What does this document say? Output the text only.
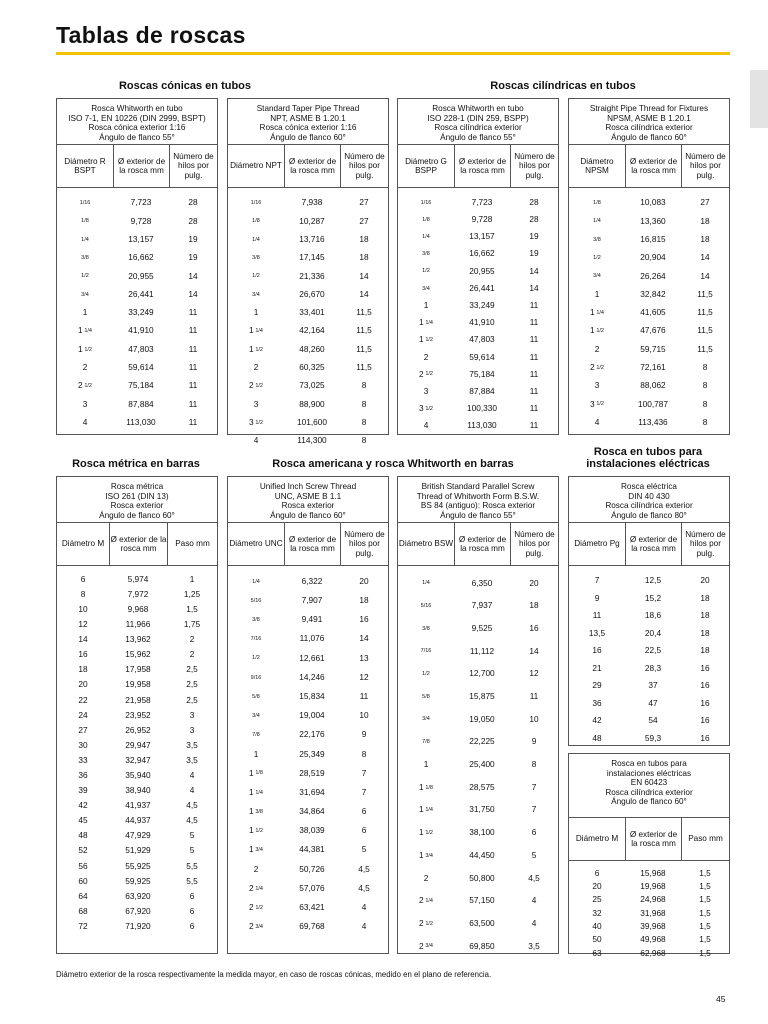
Tablas de roscas
Roscas cónicas en tubos	Roscas cilíndricas en tubos
Rosca métrica en barras	Rosca americana y rosca Whitworth en barras
Rosca en tubos para instalaciones eléctricas
Rosca Whitworth en tubo
ISO 7-1, EN 10226 (DIN 2999, BSPT)
Rosca cónica exterior 1:16
Ángulo de flanco 55°
Diámetro R BSPT
Ø exterior de la rosca mm
Número de hilos por pulg.
1/16	7,723	28
1/8	9,728	28
1/4	13,157	19
3/8	16,662	19
1/2	20,955	14
3/4	26,441	14
1	33,249	11
1  1/4	41,910	11
1  1/2	47,803	11
2	59,614	11
2  1/2	75,184	11
3	87,884	11
4	113,030	11
Standard Taper Pipe Thread
NPT, ASME B 1.20.1
Rosca cónica exterior 1:16
Ángulo de flanco 60°
Diámetro NPT
Ø exterior de la rosca mm
Número de hilos por pulg.
1/16	7,938	27
1/8	10,287	27
1/4	13,716	18
3/8	17,145	18
1/2	21,336	14
3/4	26,670	14
1	33,401	11,5
1  1/4	42,164	11,5
1  1/2	48,260	11,5
2	60,325	11,5
2  1/2	73,025	8
3	88,900	8
3  1/2	101,600	8
4	114,300	8
Rosca Whitworth en tubo
ISO 228-1 (DIN 259, BSPP)
Rosca cilíndrica exterior
Ángulo de flanco 55°
Diámetro G BSPP
Ø exterior de la rosca mm
Número de hilos por pulg.
1/16	7,723	28
1/8	9,728	28
1/4	13,157	19
3/8	16,662	19
1/2	20,955	14
3/4	26,441	14
1	33,249	11
1  1/4	41,910	11
1  1/2	47,803	11
2	59,614	11
2  1/2	75,184	11
3	87,884	11
3  1/2	100,330	11
4	113,030	11
Straight Pipe Thread for Fixtures
NPSM, ASME B 1.20.1
Rosca cilíndrica exterior
Ángulo de flanco 60°
Diámetro NPSM
Ø exterior de la rosca mm
Número de hilos por pulg.
1/8	10,083	27
1/4	13,360	18
3/8	16,815	18
1/2	20,904	14
3/4	26,264	14
1	32,842	11,5
1  1/4	41,605	11,5
1  1/2	47,676	11,5
2	59,715	11,5
2  1/2	72,161	8
3	88,062	8
3  1/2	100,787	8
4	113,436	8
Rosca métrica
ISO 261 (DIN 13)
Rosca exterior
Ángulo de flanco 60°
Diámetro M
Ø exterior de la rosca mm
Paso mm
6	5,974	1
8	7,972	1,25
10	9,968	1,5
12	11,966	1,75
14	13,962	2
16	15,962	2
18	17,958	2,5
20	19,958	2,5
22	21,958	2,5
24	23,952	3
27	26,952	3
30	29,947	3,5
33	32,947	3,5
36	35,940	4
39	38,940	4
42	41,937	4,5
45	44,937	4,5
48	47,929	5
52	51,929	5
56	55,925	5,5
60	59,925	5,5
64	63,920	6
68	67,920	6
72	71,920	6
Unified Inch Screw Thread
UNC, ASME B 1.1
Rosca exterior
Ángulo de flanco 60°
Diámetro UNC
Ø exterior de la rosca mm
Número de hilos por pulg.
1/4	6,322	20
5/16	7,907	18
3/8	9,491	16
7/16	11,076	14
1/2	12,661	13
9/16	14,246	12
5/8	15,834	11
3/4	19,004	10
7/8	22,176	9
1	25,349	8
1  1/8	28,519	7
1  1/4	31,694	7
1  3/8	34,864	6
1  1/2	38,039	6
1  3/4	44,381	5
2	50,726	4,5
2  1/4	57,076	4,5
2  1/2	63,421	4
2  3/4	69,768	4
British Standard Parallel Screw
Thread of Whitworth Form B.S.W.
BS 84 (antiguo): Rosca exterior
Ángulo de flanco 55°
Diámetro BSW
Ø exterior de la rosca mm
Número de hilos por pulg.
1/4	6,350	20
5/16	7,937	18
3/8	9,525	16
7/16	11,112	14
1/2	12,700	12
5/8	15,875	11
3/4	19,050	10
7/8	22,225	9
1	25,400	8
1  1/8	28,575	7
1  1/4	31,750	7
1  1/2	38,100	6
1  3/4	44,450	5
2	50,800	4,5
2  1/4	57,150	4
2  1/2	63,500	4
2  3/4	69,850	3,5
Rosca eléctrica
DIN 40 430
Rosca cilíndrica exterior
Ángulo de flanco 80°
Diámetro Pg
Ø exterior de la rosca mm
Número de hilos por pulg.
7	12,5	20
9	15,2	18
11	18,6	18
13,5	20,4	18
16	22,5	18
21	28,3	16
29	37	16
36	47	16
42	54	16
48	59,3	16
Rosca en tubos para
instalaciones eléctricas
EN 60423
Rosca cilíndrica exterior
Ángulo de flanco 60°
Diámetro M
Ø exterior de la rosca mm
Paso mm
6	15,968	1,5
20	19,968	1,5
25	24,968	1,5
32	31,968	1,5
40	39,968	1,5
50	49,968	1,5
63	62,968	1,5
Diámetro exterior de la rosca respectivamente la medida mayor, en caso de roscas cónicas, medido en el plano de referencia.
45
